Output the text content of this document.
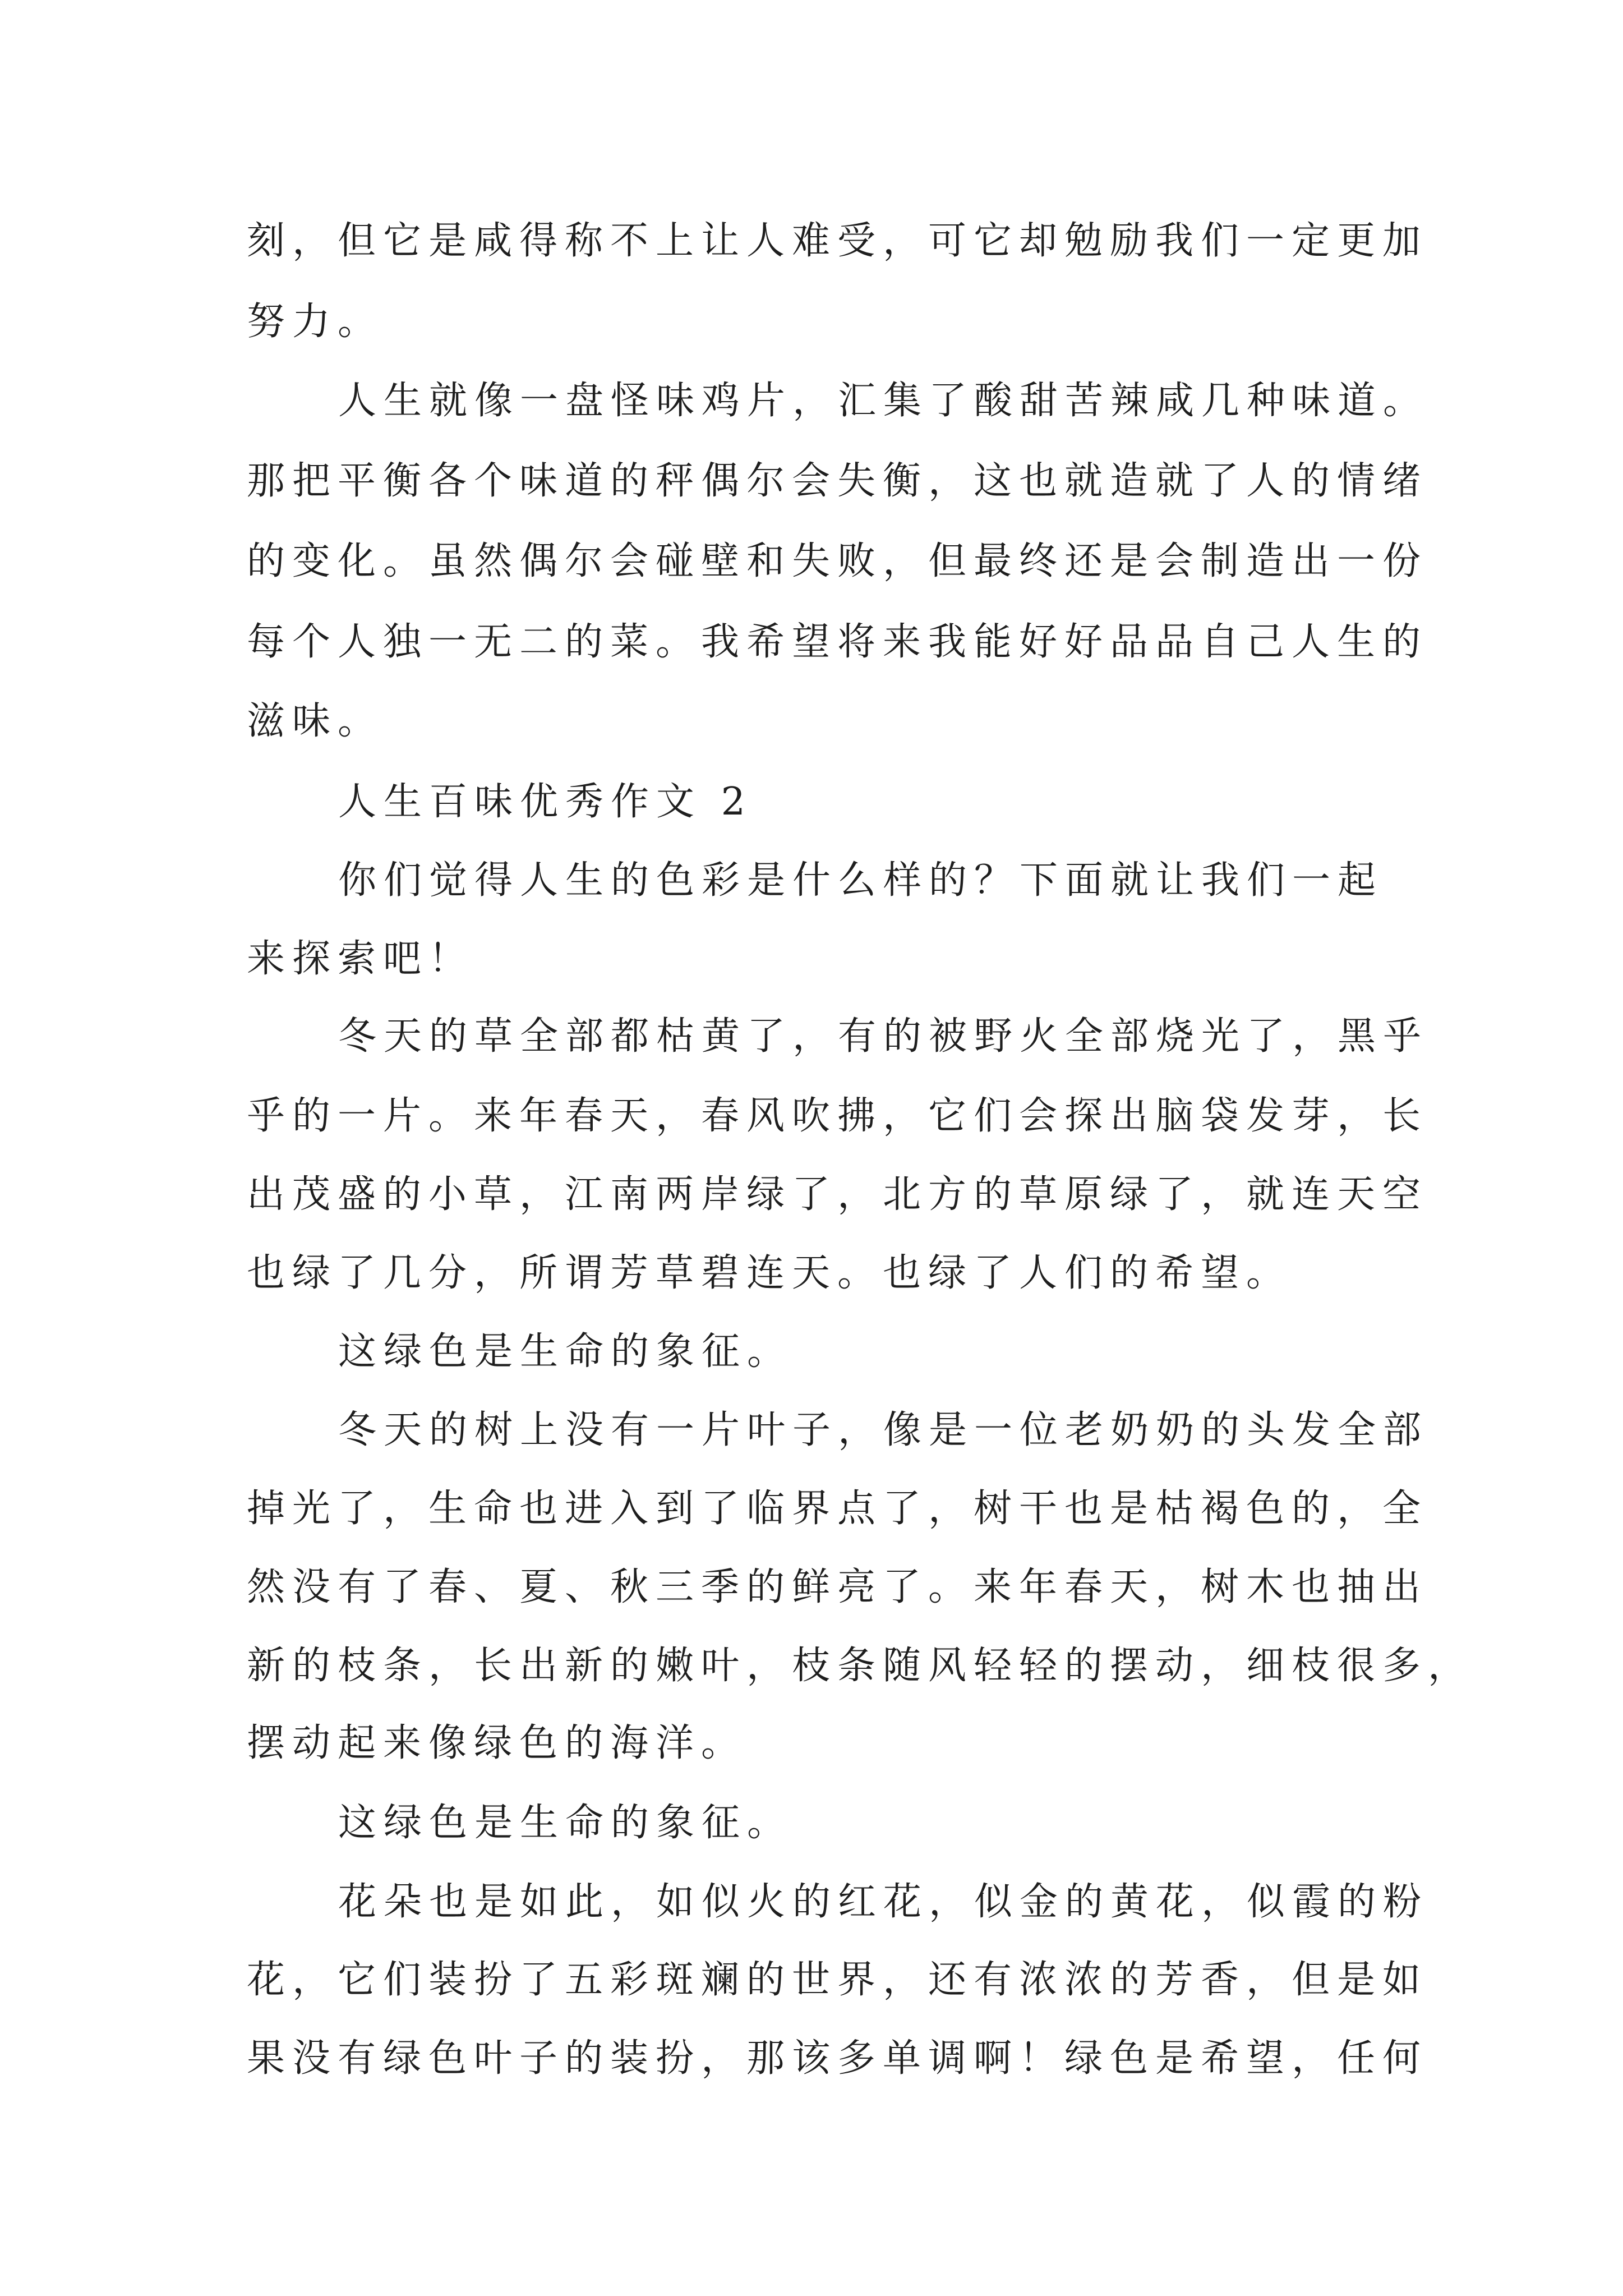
刻，但它是咸得称不上让人难受，可它却勉励我们一定更加

努力。

人生就像一盘怪味鸡片，汇集了酸甜苦辣咸几种味道。

那把平衡各个味道的秤偶尔会失衡，这也就造就了人的情绪

的变化。虽然偶尔会碰壁和失败，但最终还是会制造出一份

每个人独一无二的菜。我希望将来我能好好品品自己人生的

滋味。

人生百味优秀作文 2

你们觉得人生的色彩是什么样的？下面就让我们一起

来探索吧！

冬天的草全部都枯黄了，有的被野火全部烧光了，黑乎

乎的一片。来年春天，春风吹拂，它们会探出脑袋发芽，长

出茂盛的小草，江南两岸绿了，北方的草原绿了，就连天空

也绿了几分，所谓芳草碧连天。也绿了人们的希望。

这绿色是生命的象征。

冬天的树上没有一片叶子，像是一位老奶奶的头发全部

掉光了，生命也进入到了临界点了，树干也是枯褐色的，全

然没有了春、夏、秋三季的鲜亮了。来年春天，树木也抽出

新的枝条，长出新的嫩叶，枝条随风轻轻的摆动，细枝很多，

摆动起来像绿色的海洋。

这绿色是生命的象征。

花朵也是如此，如似火的红花，似金的黄花，似霞的粉

花，它们装扮了五彩斑斓的世界，还有浓浓的芳香，但是如

果没有绿色叶子的装扮，那该多单调啊！绿色是希望，任何
